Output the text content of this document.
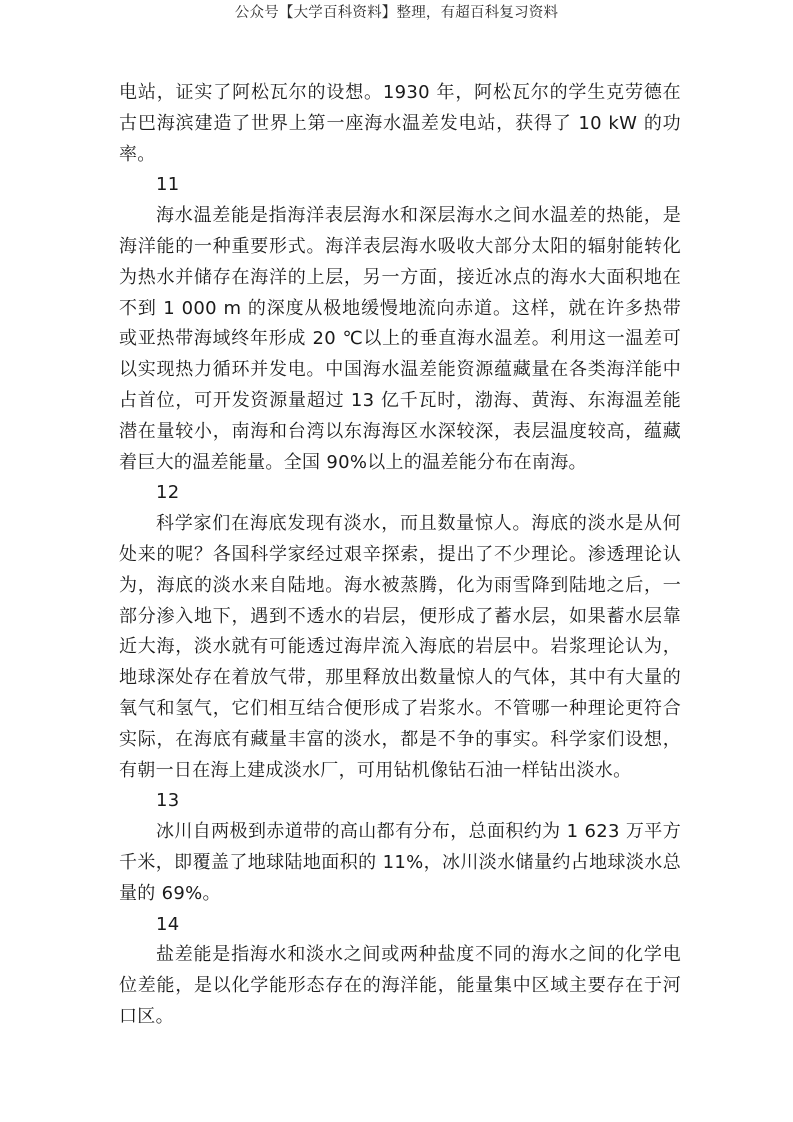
公众号【大学百科资料】整理，有超百科复习资料

电站，证实了阿松瓦尔的设想。1930 年，阿松瓦尔的学生克劳德在古巴海滨建造了世界上第一座海水温差发电站，获得了 10 kW 的功率。

11

海水温差能是指海洋表层海水和深层海水之间水温差的热能，是海洋能的一种重要形式。海洋表层海水吸收大部分太阳的辐射能转化为热水并储存在海洋的上层，另一方面，接近冰点的海水大面积地在不到 1 000 m 的深度从极地缓慢地流向赤道。这样，就在许多热带或亚热带海域终年形成 20 ℃以上的垂直海水温差。利用这一温差可以实现热力循环并发电。中国海水温差能资源蕴藏量在各类海洋能中占首位，可开发资源量超过 13 亿千瓦时，渤海、黄海、东海温差能潜在量较小，南海和台湾以东海海区水深较深，表层温度较高，蕴藏着巨大的温差能量。全国 90%以上的温差能分布在南海。

12

科学家们在海底发现有淡水，而且数量惊人。海底的淡水是从何处来的呢？各国科学家经过艰辛探索，提出了不少理论。渗透理论认为，海底的淡水来自陆地。海水被蒸腾，化为雨雪降到陆地之后，一部分渗入地下，遇到不透水的岩层，便形成了蓄水层，如果蓄水层靠近大海，淡水就有可能透过海岸流入海底的岩层中。岩浆理论认为，地球深处存在着放气带，那里释放出数量惊人的气体，其中有大量的氧气和氢气，它们相互结合便形成了岩浆水。不管哪一种理论更符合实际，在海底有藏量丰富的淡水，都是不争的事实。科学家们设想，有朝一日在海上建成淡水厂，可用钻机像钻石油一样钻出淡水。

13

冰川自两极到赤道带的高山都有分布，总面积约为 1 623 万平方千米，即覆盖了地球陆地面积的 11%，冰川淡水储量约占地球淡水总量的 69%。

14

盐差能是指海水和淡水之间或两种盐度不同的海水之间的化学电位差能，是以化学能形态存在的海洋能，能量集中区域主要存在于河口区。
